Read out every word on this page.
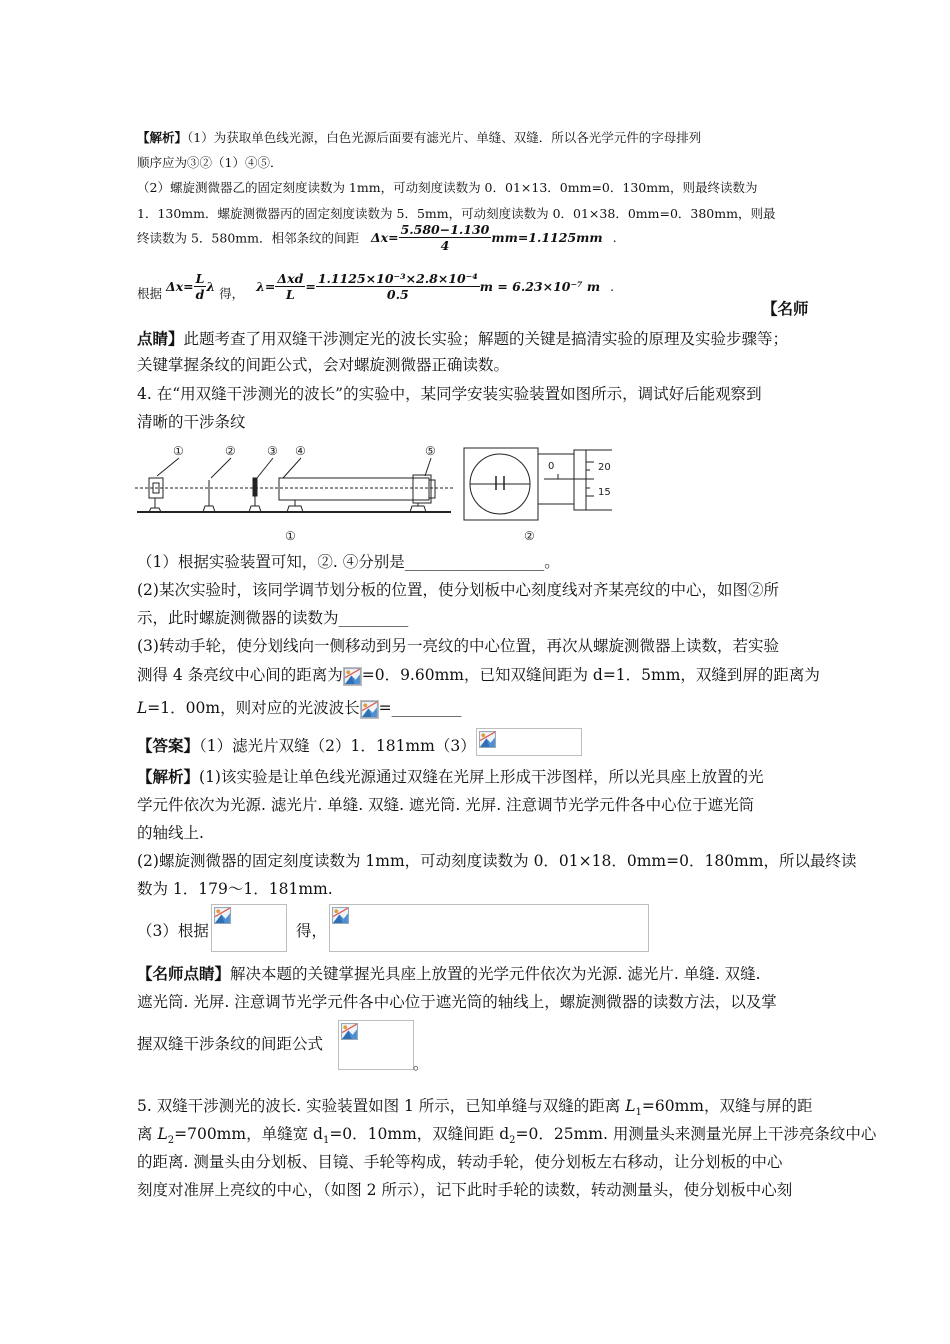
【解析】（1）为获取单色线光源，白色光源后面要有滤光片、单缝、双缝．所以各光学元件的字母排列
顺序应为③②（1）④⑤．
（2）螺旋测微器乙的固定刻度读数为 1mm，可动刻度读数为 0．01×13．0mm=0．130mm，则最终读数为
1．130mm．螺旋测微器丙的固定刻度读数为 5．5mm，可动刻度读数为 0．01×38．0mm=0．380mm，则最
终读数为 5．580mm．相邻条纹的间距 $\Delta x= \frac{5.580-1.130}{4} mm=1.1125mm$ .
根据 $\Delta x= \frac{L}{d}$ λ 得， $\lambda= \frac{\text{Δxd}}{L} = \frac{\text{1.1125×10⁻³×2.8×10⁻⁴}}{0.5}$ m = 6.23×10⁻⁷ m .
【名师
点睛】此题考查了用双缝干涉测定光的波长实验；解题的关键是搞清实验的原理及实验步骤等；
关键掌握条纹的间距公式，会对螺旋测微器正确读数。
4. 在“用双缝干涉测光的波长”的实验中，某同学安装实验装置如图所示，调试好后能观察到
清晰的干涉条纹
①	②	③ ④	⑤
①
0	20
15
②
（1）根据实验装置可知，②. ④分别是__________________。
(2)某次实验时，该同学调节划分板的位置，使分划板中心刻度线对齐某亮纹的中心，如图②所
示，此时螺旋测微器的读数为_________
(3)转动手轮，使分划线向一侧移动到另一亮纹的中心位置，再次从螺旋测微器上读数，若实验
测得 4 条亮纹中心间的距离为 =0．9.60mm，已知双缝间距为 d=1．5mm，双缝到屏的距离为
L=1．00m，则对应的光波波长 =_________
【答案】（1）滤光片双缝（2）1．181mm（3）
【解析】(1)该实验是让单色线光源通过双缝在光屏上形成干涉图样，所以光具座上放置的光
学元件依次为光源. 滤光片. 单缝. 双缝. 遮光筒. 光屏. 注意调节光学元件各中心位于遮光筒
的轴线上.
(2)螺旋测微器的固定刻度读数为 1mm，可动刻度读数为 0．01×18．0mm=0．180mm，所以最终读
数为 1．179～1．181mm.
（3）根据	得，
【名师点睛】解决本题的关键掌握光具座上放置的光学元件依次为光源. 滤光片. 单缝. 双缝.
遮光筒. 光屏. 注意调节光学元件各中心位于遮光筒的轴线上，螺旋测微器的读数方法，以及掌
握双缝干涉条纹的间距公式
。
5. 双缝干涉测光的波长. 实验装置如图 1 所示，已知单缝与双缝的距离 $L_1=60mm$，双缝与屏的距
离 $L_2=700mm$，单缝宽 $d_1=0$．10mm，双缝间距 $d_2=0$．25mm. 用测量头来测量光屏上干涉亮条纹中心
的距离. 测量头由分划板、目镜、手轮等构成，转动手轮，使分划板左右移动，让分划板的中心
刻度对准屏上亮纹的中心，（如图 2 所示），记下此时手轮的读数，转动测量头，使分划板中心刻
